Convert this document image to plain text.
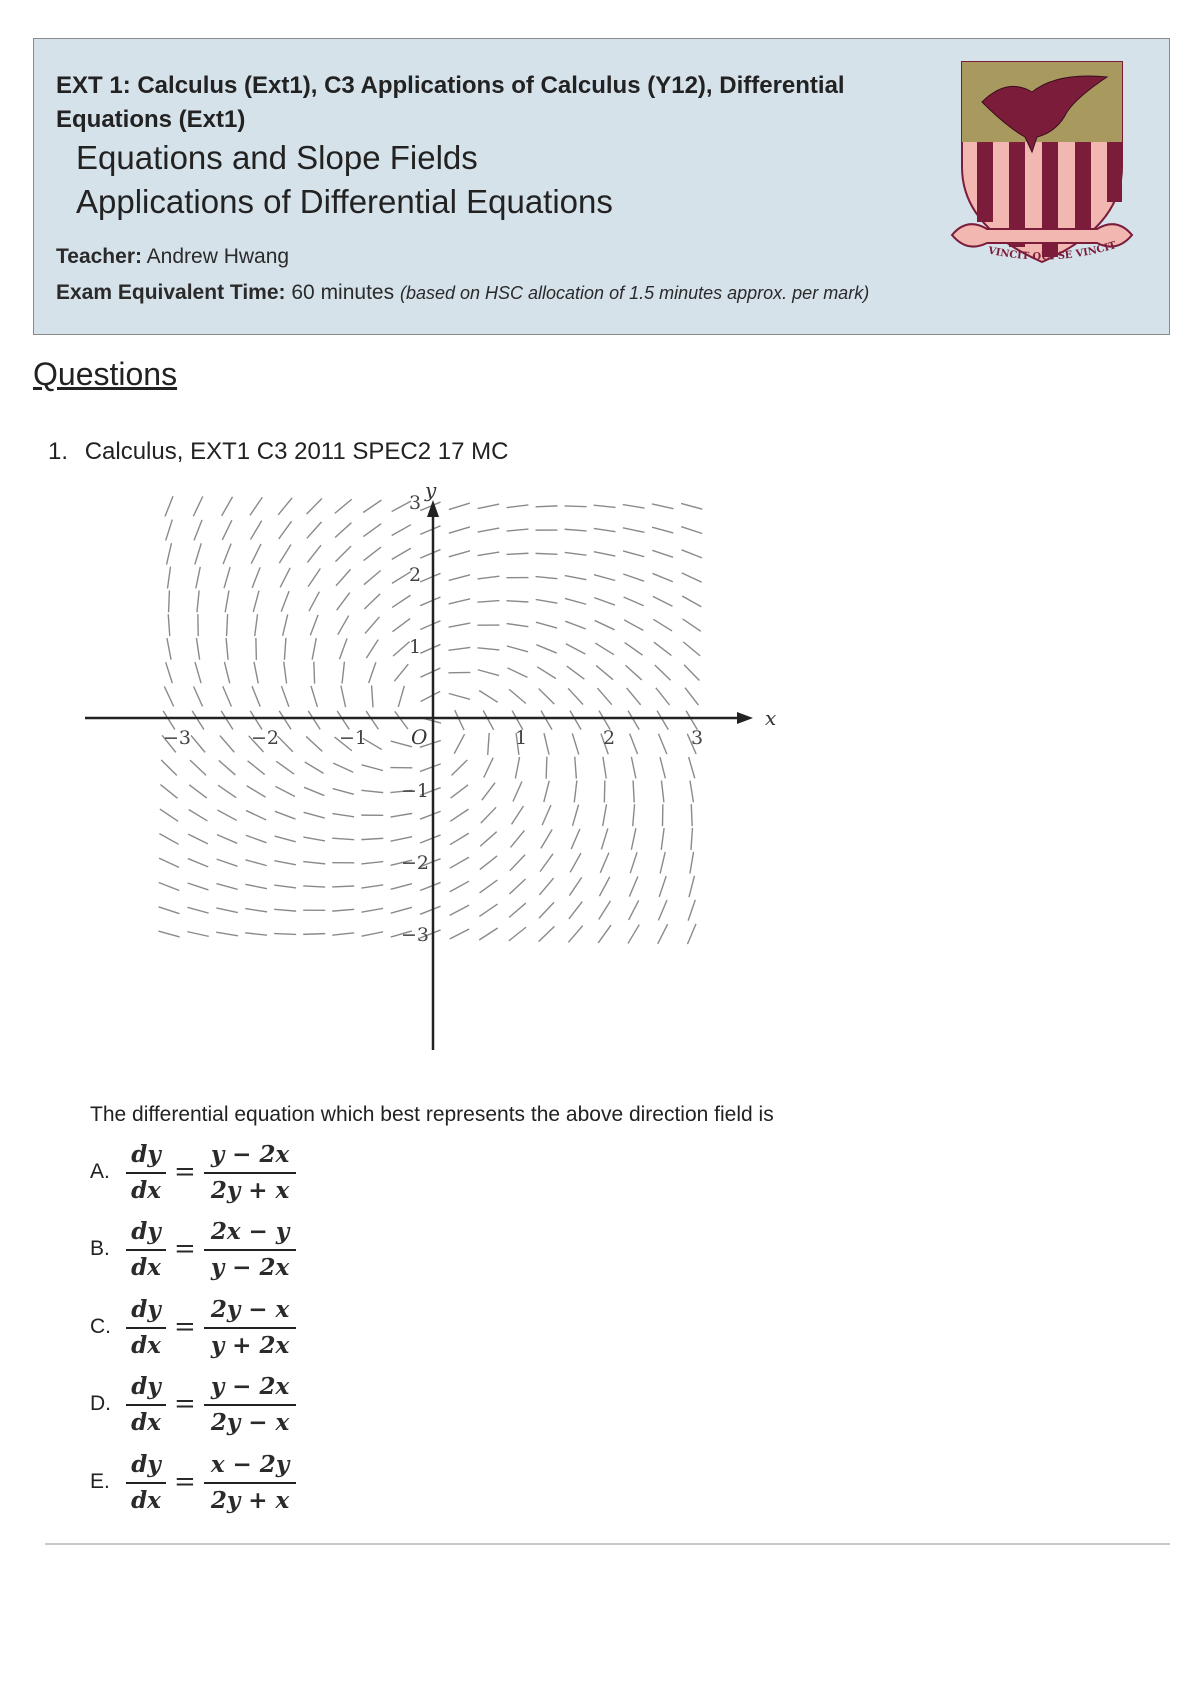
EXT 1: Calculus (Ext1), C3 Applications of Calculus (Y12), Differential Equations (Ext1)
Equations and Slope Fields
Applications of Differential Equations
Teacher: Andrew Hwang
Exam Equivalent Time: 60 minutes (based on HSC allocation of 1.5 minutes approx. per mark)
VINCIT QUI SE VINCIT
Questions
1. Calculus, EXT1 C3 2011 SPEC2 17 MC
x
y
O
−3	−2	−1	1	2	3
3
2
1
−1
−2
−3
The differential equation which best represents the above direction field is
A.
dy
dx
=
y − 2x
2y + x
B.
dy
dx
=
2x − y
y − 2x
C.
dy
dx
=
2y − x
y + 2x
D.
dy
dx
=
y − 2x
2y − x
E.
dy
dx
=
x − 2y
2y + x
